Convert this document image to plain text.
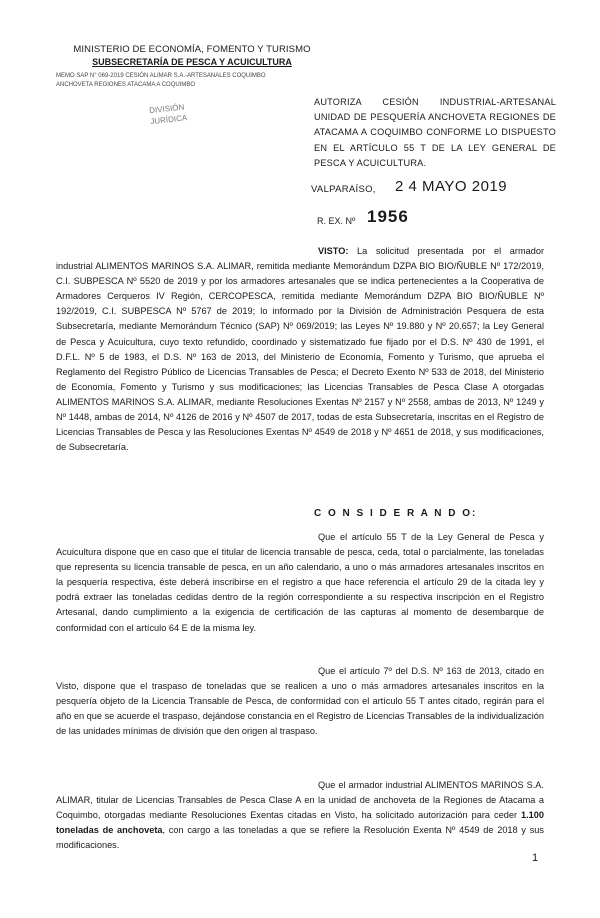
MINISTERIO DE ECONOMÍA, FOMENTO Y TURISMO
SUBSECRETARÍA DE PESCA Y ACUICULTURA
MEMO SAP N° 069-2019 CESIÓN ALIMAR S.A.-ARTESANALES COQUIMBO
ANCHOVETA REGIONES ATACAMA A COQUIMBO
DIVISIÓN
JURÍDICA
AUTORIZA CESIÓN INDUSTRIAL-ARTESANAL UNIDAD DE PESQUERÍA ANCHOVETA REGIONES DE ATACAMA A COQUIMBO CONFORME LO DISPUESTO EN EL ARTÍCULO 55 T DE LA LEY GENERAL DE PESCA Y ACUICULTURA.
VALPARAÍSO, 2 4 MAYO 2019
R. EX. Nº 1956

VISTO: La solicitud presentada por el armador industrial ALIMENTOS MARINOS S.A. ALIMAR, remitida mediante Memorándum DZPA BIO BIO/ÑUBLE Nº 172/2019, C.I. SUBPESCA Nº 5520 de 2019 y por los armadores artesanales que se indica pertenecientes a la Cooperativa de Armadores Cerqueros IV Región, CERCOPESCA, remitida mediante Memorándum DZPA BIO BIO/ÑUBLE Nº 192/2019, C.I. SUBPESCA Nº 5767 de 2019; lo informado por la División de Administración Pesquera de esta Subsecretaría, mediante Memorándum Técnico (SAP) Nº 069/2019; las Leyes Nº 19.880 y Nº 20.657; la Ley General de Pesca y Acuicultura, cuyo texto refundido, coordinado y sistematizado fue fijado por el D.S. Nº 430 de 1991, el D.F.L. Nº 5 de 1983, el D.S. Nº 163 de 2013, del Ministerio de Economía, Fomento y Turismo, que aprueba el Reglamento del Registro Público de Licencias Transables de Pesca; el Decreto Exento Nº 533 de 2018, del Ministerio de Economía, Fomento y Turismo y sus modificaciones; las Licencias Transables de Pesca Clase A otorgadas ALIMENTOS MARINOS S.A. ALIMAR, mediante Resoluciones Exentas Nº 2157 y Nº 2558, ambas de 2013, Nº 1249 y Nº 1448, ambas de 2014, Nº 4126 de 2016 y Nº 4507 de 2017, todas de esta Subsecretaría, inscritas en el Registro de Licencias Transables de Pesca y las Resoluciones Exentas Nº 4549 de 2018 y Nº 4651 de 2018, y sus modificaciones, de Subsecretaría.

C O N S I D E R A N D O:

Que el artículo 55 T de la Ley General de Pesca y Acuicultura dispone que en caso que el titular de licencia transable de pesca, ceda, total o parcialmente, las toneladas que representa su licencia transable de pesca, en un año calendario, a uno o más armadores artesanales inscritos en la pesquería respectiva, éste deberá inscribirse en el registro a que hace referencia el artículo 29 de la citada ley y podrá extraer las toneladas cedidas dentro de la región correspondiente a su respectiva inscripción en el Registro Artesanal, dando cumplimiento a la exigencia de certificación de las capturas al momento de desembarque de conformidad con el artículo 64 E de la misma ley.

Que el artículo 7º del D.S. Nº 163 de 2013, citado en Visto, dispone que el traspaso de toneladas que se realicen a uno o más armadores artesanales inscritos en la pesquería objeto de la Licencia Transable de Pesca, de conformidad con el artículo 55 T antes citado, regirán para el año en que se acuerde el traspaso, dejándose constancia en el Registro de Licencias Transables de la individualización de las unidades mínimas de división que den origen al traspaso.

Que el armador industrial ALIMENTOS MARINOS S.A. ALIMAR, titular de Licencias Transables de Pesca Clase A en la unidad de anchoveta de la Regiones de Atacama a Coquimbo, otorgadas mediante Resoluciones Exentas citadas en Visto, ha solicitado autorización para ceder 1.100 toneladas de anchoveta, con cargo a las toneladas a que se refiere la Resolución Exenta Nº 4549 de 2018 y sus modificaciones.

1
